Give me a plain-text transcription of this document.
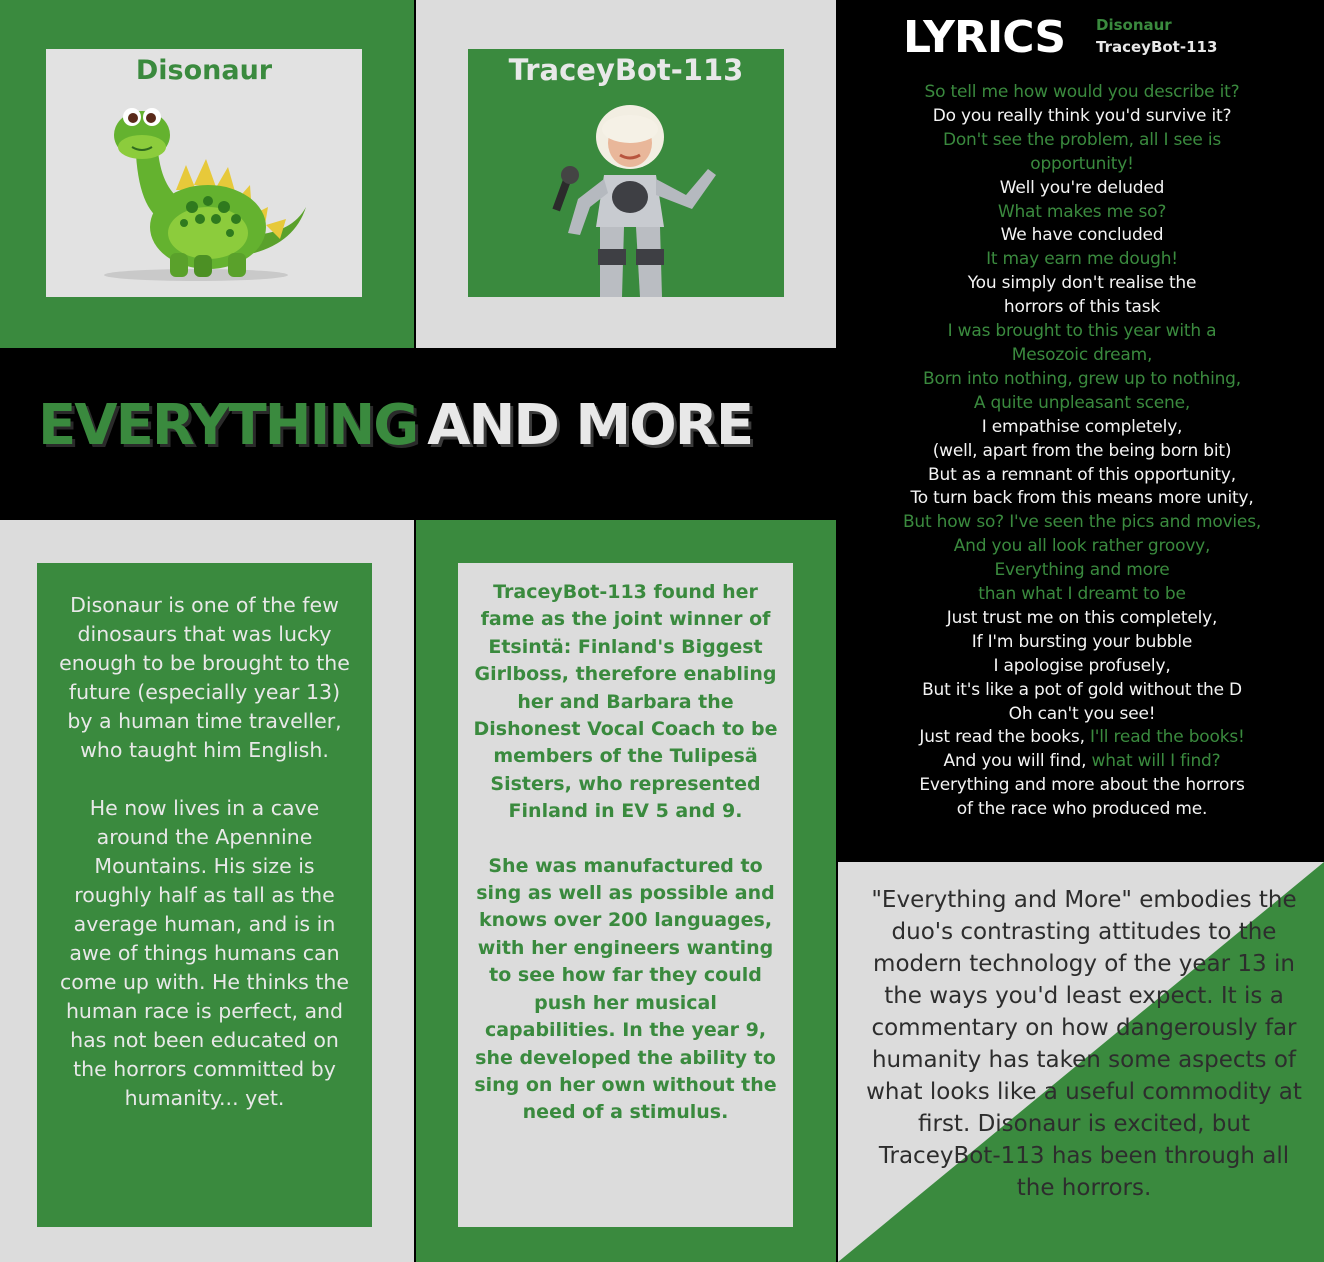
Disonaur	TraceyBot-113
EVERYTHING AND MORE
Disonaur is one of the few dinosaurs that was lucky enough to be brought to the future (especially year 13) by a human time traveller, who taught him English.
He now lives in a cave around the Apennine Mountains. His size is roughly half as tall as the average human, and is in awe of things humans can come up with. He thinks the human race is perfect, and has not been educated on the horrors committed by humanity... yet.
TraceyBot-113 found her fame as the joint winner of Etsintä: Finland's Biggest Girlboss, therefore enabling her and Barbara the Dishonest Vocal Coach to be members of the Tulipesä Sisters, who represented Finland in EV 5 and 9.
She was manufactured to sing as well as possible and knows over 200 languages, with her engineers wanting to see how far they could push her musical capabilities. In the year 9, she developed the ability to sing on her own without the need of a stimulus.
LYRICS Disonaur
TraceyBot-113
So tell me how would you describe it?
Do you really think you'd survive it?
Don't see the problem, all I see is
opportunity!
Well you're deluded
What makes me so?
We have concluded
It may earn me dough!
You simply don't realise the
horrors of this task
I was brought to this year with a
Mesozoic dream,
Born into nothing, grew up to nothing,
A quite unpleasant scene,
I empathise completely,
(well, apart from the being born bit)
But as a remnant of this opportunity,
To turn back from this means more unity,
But how so? I've seen the pics and movies,
And you all look rather groovy,
Everything and more
than what I dreamt to be
Just trust me on this completely,
If I'm bursting your bubble
I apologise profusely,
But it's like a pot of gold without the D
Oh can't you see!
Just read the books, I'll read the books!
And you will find, what will I find?
Everything and more about the horrors
of the race who produced me.
"Everything and More" embodies the duo's contrasting attitudes to the modern technology of the year 13 in the ways you'd least expect. It is a commentary on how dangerously far humanity has taken some aspects of what looks like a useful commodity at first. Disonaur is excited, but TraceyBot-113 has been through all the horrors.
